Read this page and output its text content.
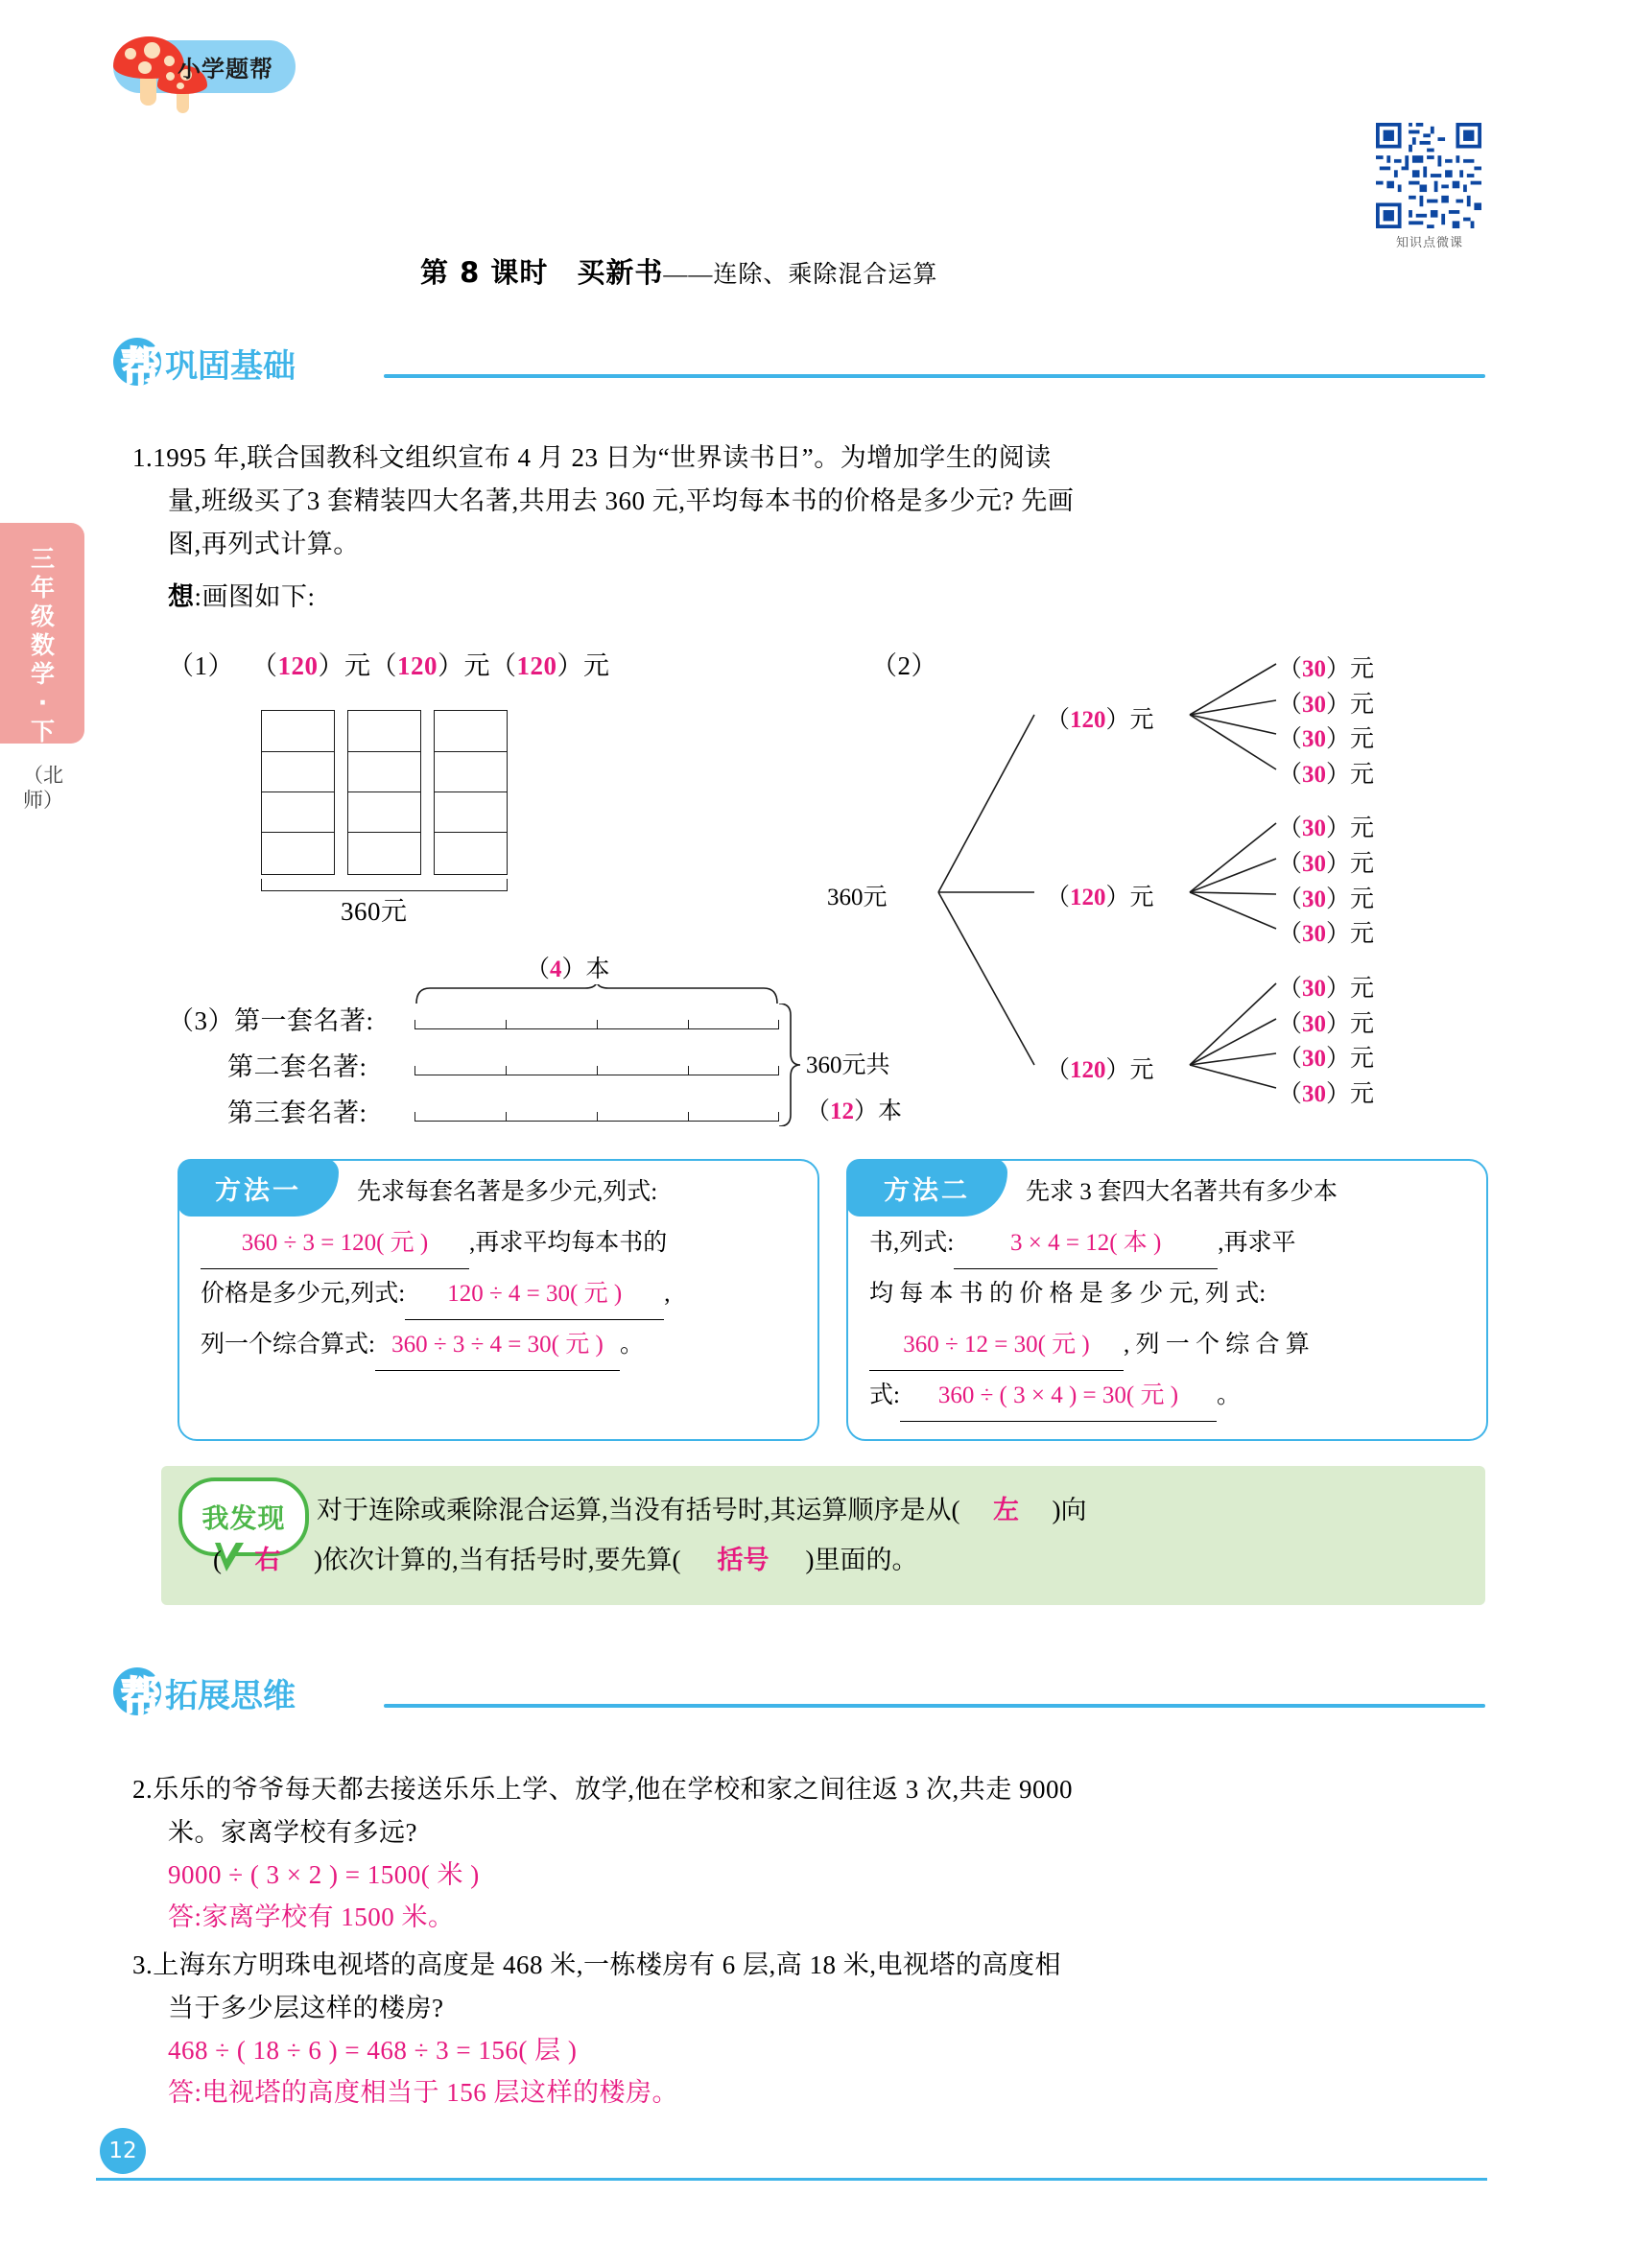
小学题帮
知识点微课
三年级数学·下
（北师）
第 8 课时　买新书——连除、乘除混合运算
帮 巩固基础
1.1995 年,联合国教科文组织宣布 4 月 23 日为“世界读书日”。为增加学生的阅读
量,班级买了3 套精装四大名著,共用去 360 元,平均每本书的价格是多少元? 先画
图,再列式计算。
想:画图如下:
（1） （120）元（120）元（120）元
360元
（2）
360元
（120）元
（120）元
（120）元
（30）元
（30）元
（30）元
（30）元
（30）元
（30）元
（30）元
（30）元
（30）元
（30）元
（30）元
（30）元
（4）本
（3）第一套名著:
第二套名著:
第三套名著:
360元共
（12）本
方法一	先求每套名著是多少元,列式:
360 ÷ 3 = 120( 元 ) ,再求平均每本书的
价格是多少元,列式: 120 ÷ 4 = 30( 元 ) ,
列一个综合算式: 360 ÷ 3 ÷ 4 = 30( 元 ) 。
方法二	先求 3 套四大名著共有多少本
书,列式: 3 × 4 = 12( 本 ) ,再求平
均 每 本 书 的 价 格 是 多 少 元, 列 式:
360 ÷ 12 = 30( 元 ) , 列 一 个 综 合 算
式: 360 ÷ ( 3 × 4 ) = 30( 元 ) 。
我发现	对于连除或乘除混合运算,当没有括号时,其运算顺序是从( 左 )向
( 右 )依次计算的,当有括号时,要先算( 括号 )里面的。
帮 拓展思维
2.乐乐的爷爷每天都去接送乐乐上学、放学,他在学校和家之间往返 3 次,共走 9000
米。家离学校有多远?
9000 ÷ ( 3 × 2 ) = 1500( 米 )
答:家离学校有 1500 米。
3.上海东方明珠电视塔的高度是 468 米,一栋楼房有 6 层,高 18 米,电视塔的高度相
当于多少层这样的楼房?
468 ÷ ( 18 ÷ 6 ) = 468 ÷ 3 = 156( 层 )
答:电视塔的高度相当于 156 层这样的楼房。
12
